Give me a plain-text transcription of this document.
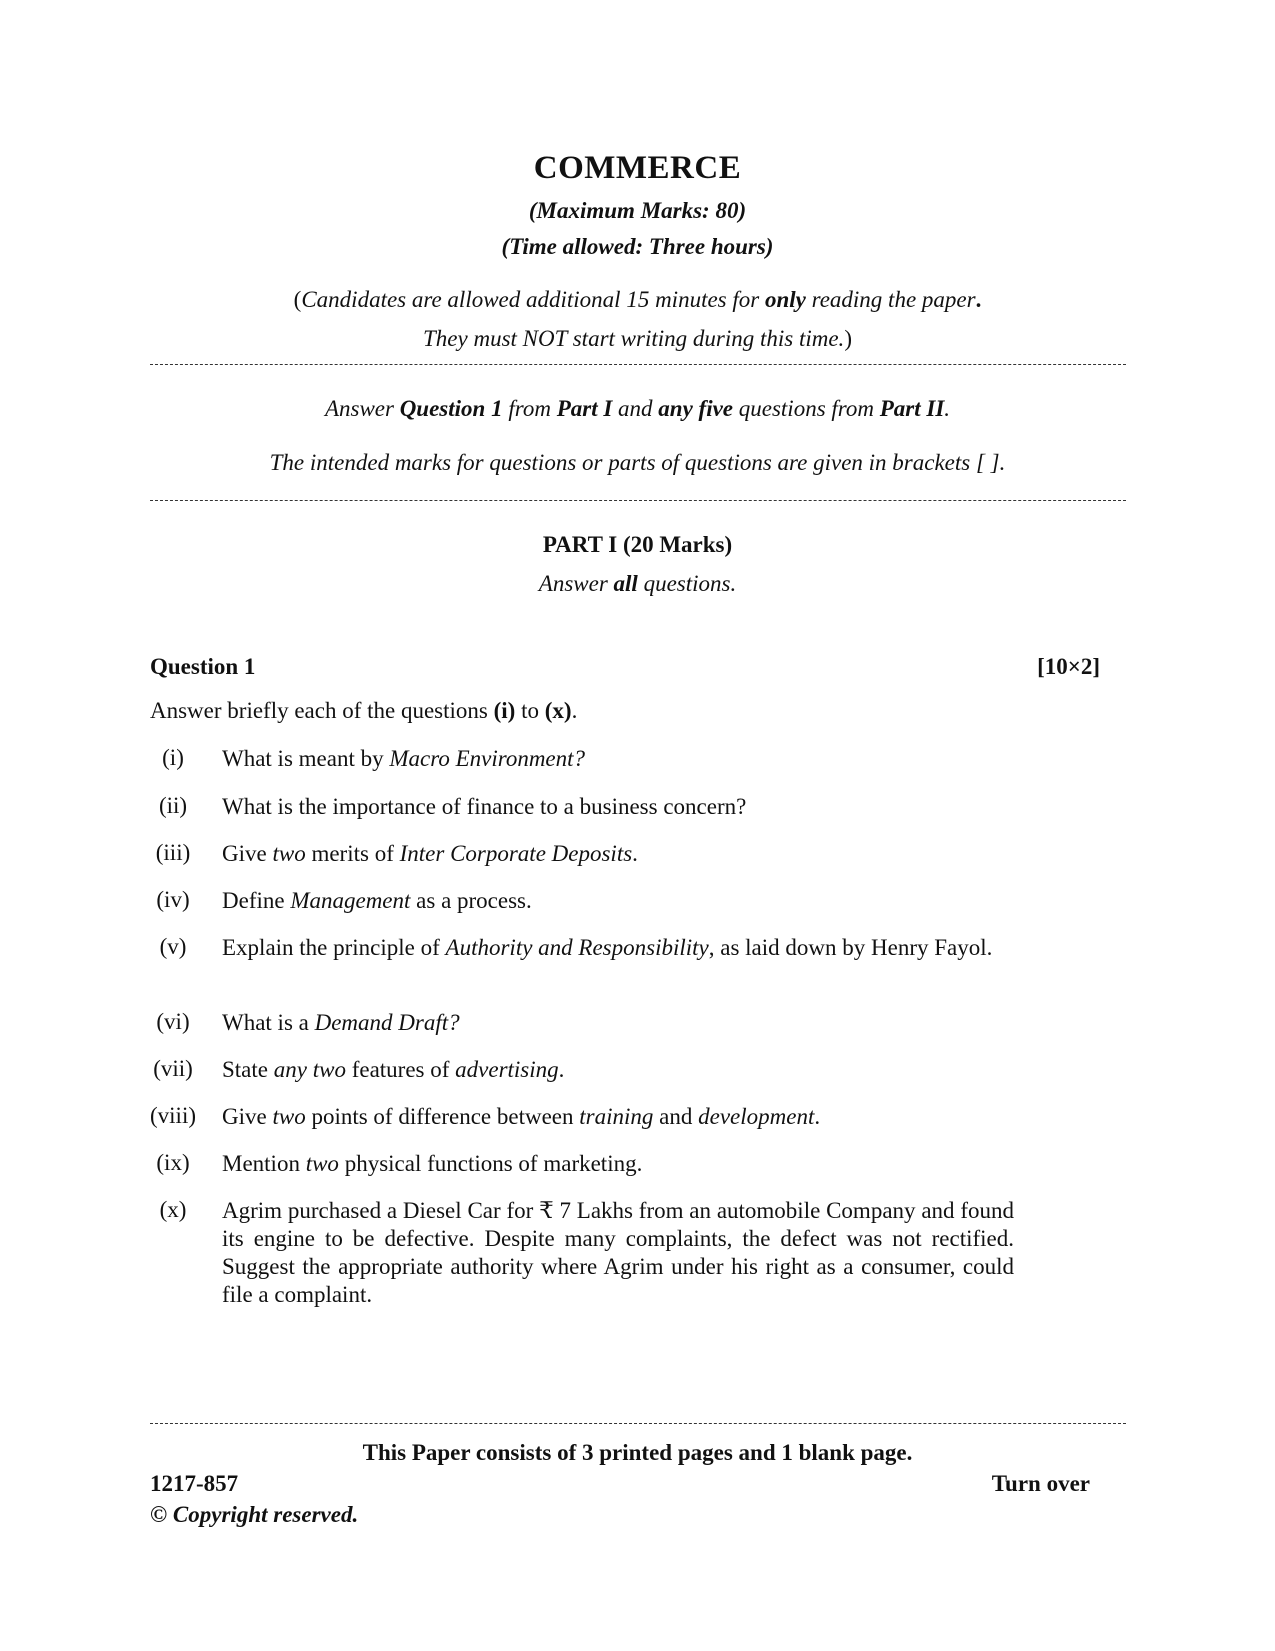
COMMERCE
(Maximum Marks: 80)
(Time allowed: Three hours)
(Candidates are allowed additional 15 minutes for only reading the paper.
They must NOT start writing during this time.)
Answer Question 1 from Part I and any five questions from Part II.
The intended marks for questions or parts of questions are given in brackets [ ].
PART I (20 Marks)
Answer all questions.
Question 1	[10×2]
Answer briefly each of the questions (i) to (x).
(i)	What is meant by Macro Environment?
(ii)	What is the importance of finance to a business concern?
(iii)	Give two merits of Inter Corporate Deposits.
(iv)	Define Management as a process.
(v)	Explain the principle of Authority and Responsibility, as laid down by Henry Fayol.
(vi)	What is a Demand Draft?
(vii)	State any two features of advertising.
(viii)	Give two points of difference between training and development.
(ix)	Mention two physical functions of marketing.
(x)	Agrim purchased a Diesel Car for ₹ 7 Lakhs from an automobile Company and found its engine to be defective. Despite many complaints, the defect was not rectified. Suggest the appropriate authority where Agrim under his right as a consumer, could file a complaint.
This Paper consists of 3 printed pages and 1 blank page.
1217-857	Turn over
© Copyright reserved.
